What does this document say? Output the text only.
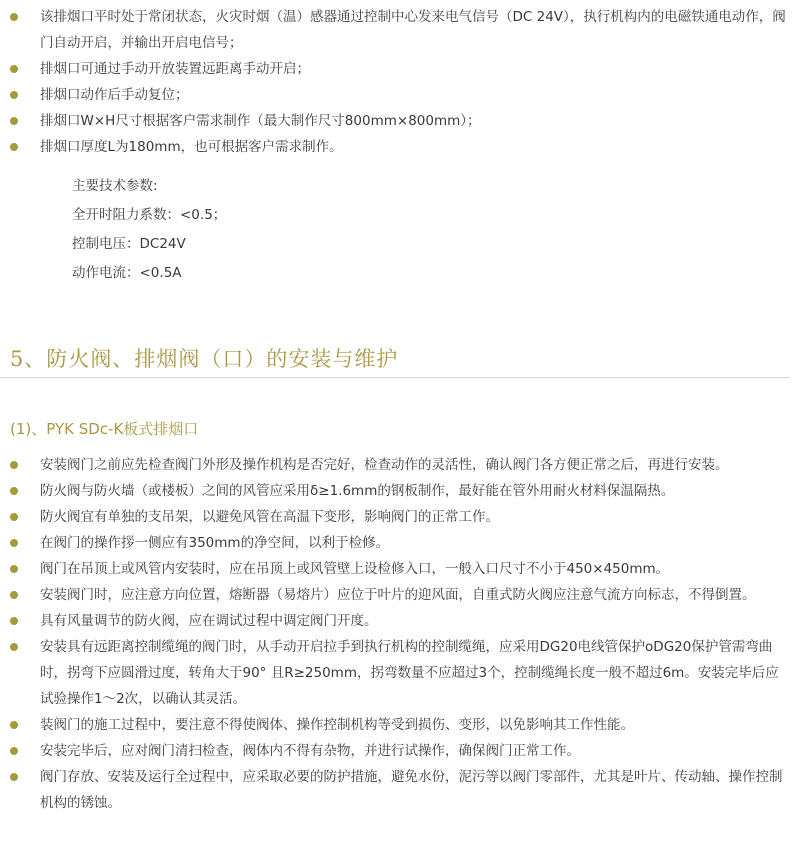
该排烟口平时处于常闭状态，火灾时烟（温）感器通过控制中心发来电气信号（DC 24V），执行机构内的电磁铁通电动作，阀门自动开启，并输出开启电信号；
排烟口可通过手动开放装置远距离手动开启；
排烟口动作后手动复位；
排烟口W×H尺寸根据客户需求制作（最大制作尺寸800mm×800mm）；
排烟口厚度L为180mm，也可根据客户需求制作。
主要技术参数:
全开时阻力系数：<0.5；
控制电压：DC24V
动作电流：<0.5A
5、防火阀、排烟阀（口）的安装与维护
(1)、PYK SDc-K板式排烟口
安装阀门之前应先检查阀门外形及操作机构是否完好，检查动作的灵活性，确认阀门各方便正常之后，再进行安装。
防火阀与防火墙（或楼板）之间的风管应采用δ≥1.6mm的钢板制作，最好能在管外用耐火材料保温隔热。
防火阀宜有单独的支吊架，以避免风管在高温下变形，影响阀门的正常工作。
在阀门的操作拶一侧应有350mm的净空间，以利于检修。
阀门在吊顶上或风管内安装时，应在吊顶上或风管壁上设检修入口，一般入口尺寸不小于450×450mm。
安装阀门时，应注意方向位置，熔断器（易熔片）应位于叶片的迎风面，自重式防火阀应注意气流方向标志，不得倒置。
具有风量调节的防火阀，应在调试过程中调定阀门开度。
安装具有远距离控制缆绳的阀门时，从手动开启拉手到执行机构的控制缆绳，应采用DG20电线管保护oDG20保护管需弯曲时，拐弯下应圆滑过度，转角大于90° 且R≥250mm，拐弯数量不应超过3个，控制缆绳长度一般不超过6m。安装完毕后应试验操作1～2次，以确认其灵活。
装阀门的施工过程中，要注意不得使阀体、操作控制机构等受到损伤、变形，以免影响其工作性能。
安装完毕后，应对阀门清扫检查，阀体内不得有杂物，并进行试操作，确保阀门正常工作。
阀门存放、安装及运行全过程中，应采取必要的防护措施，避免水份，泥污等以阀门零部件，尤其是叶片、传动轴、操作控制机构的锈蚀。
